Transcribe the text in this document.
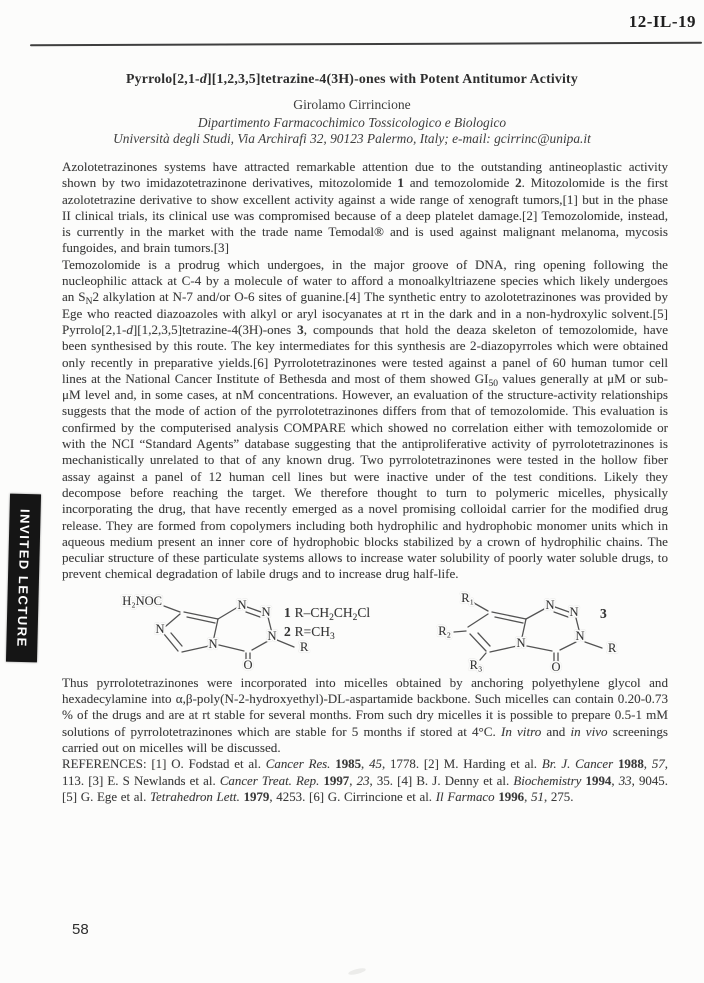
12-IL-19

Pyrrolo[2,1-d][1,2,3,5]tetrazine-4(3H)-ones with Potent Antitumor Activity

Girolamo Cirrincione

Dipartimento Farmacochimico Tossicologico e Biologico

Università degli Studi, Via Archirafi 32, 90123 Palermo, Italy; e-mail: gcirrinc@unipa.it

Azolotetrazinones systems have attracted remarkable attention due to the outstanding antineoplastic activity shown by two imidazotetrazinone derivatives, mitozolomide 1 and temozolomide 2. Mitozolomide is the first azolotetrazine derivative to show excellent activity against a wide range of xenograft tumors,[1] but in the phase II clinical trials, its clinical use was compromised because of a deep platelet damage.[2] Temozolomide, instead, is currently in the market with the trade name Temodal® and is used against malignant melanoma, mycosis fungoides, and brain tumors.[3]

Temozolomide is a prodrug which undergoes, in the major groove of DNA, ring opening following the nucleophilic attack at C-4 by a molecule of water to afford a monoalkyltriazene species which likely undergoes an $S_N2$ alkylation at N-7 and/or O-6 sites of guanine.[4] The synthetic entry to azolotetrazinones was provided by Ege who reacted diazoazoles with alkyl or aryl isocyanates at rt in the dark and in a non-hydroxylic solvent.[5] Pyrrolo[2,1-d][1,2,3,5]tetrazine-4(3H)-ones 3, compounds that hold the deaza skeleton of temozolomide, have been synthesised by this route. The key intermediates for this synthesis are 2-diazopyrroles which were obtained only recently in preparative yields.[6] Pyrrolotetrazinones were tested against a panel of 60 human tumor cell lines at the National Cancer Institute of Bethesda and most of them showed $GI_{50}$ values generally at μM or sub-μM level and, in some cases, at nM concentrations. However, an evaluation of the structure-activity relationships suggests that the mode of action of the pyrrolotetrazinones differs from that of temozolomide. This evaluation is confirmed by the computerised analysis COMPARE which showed no correlation either with temozolomide or with the NCI “Standard Agents” database suggesting that the antiproliferative activity of pyrrolotetrazinones is mechanistically unrelated to that of any known drug. Two pyrrolotetrazinones were tested in the hollow fiber assay against a panel of 12 human cell lines but were inactive under of the test conditions. Likely they decompose before reaching the target. We therefore thought to turn to polymeric micelles, physically incorporating the drug, that have recently emerged as a novel promising colloidal carrier for the modified drug release. They are formed from copolymers including both hydrophilic and hydrophobic monomer units which in aqueous medium present an inner core of hydrophobic blocks stabilized by a crown of hydrophilic chains. The peculiar structure of these particulate systems allows to increase water solubility of poorly water soluble drugs, to prevent chemical degradation of labile drugs and to increase drug half-life.

H₂NOC
N
N
N N
N
O
R
1 $R-CH_2CH_2Cl$
2 $R=CH_3$
R₁
R₂
R₃
N
N N
N
O
R
3

Thus pyrrolotetrazinones were incorporated into micelles obtained by anchoring polyethylene glycol and hexadecylamine into α,β-poly(N-2-hydroxyethyl)-DL-aspartamide backbone. Such micelles can contain 0.20-0.73 % of the drugs and are at rt stable for several months. From such dry micelles it is possible to prepare 0.5-1 mM solutions of pyrrolotetrazinones which are stable for 5 months if stored at 4°C. In vitro and in vivo screenings carried out on micelles will be discussed.

REFERENCES: [1] O. Fodstad et al. Cancer Res. 1985, 45, 1778. [2] M. Harding et al. Br. J. Cancer 1988, 57, 113. [3] E. S Newlands et al. Cancer Treat. Rep. 1997, 23, 35. [4] B. J. Denny et al. Biochemistry 1994, 33, 9045. [5] G. Ege et al. Tetrahedron Lett. 1979, 4253. [6] G. Cirrincione et al. Il Farmaco 1996, 51, 275.

INVITED LECTURE
58
